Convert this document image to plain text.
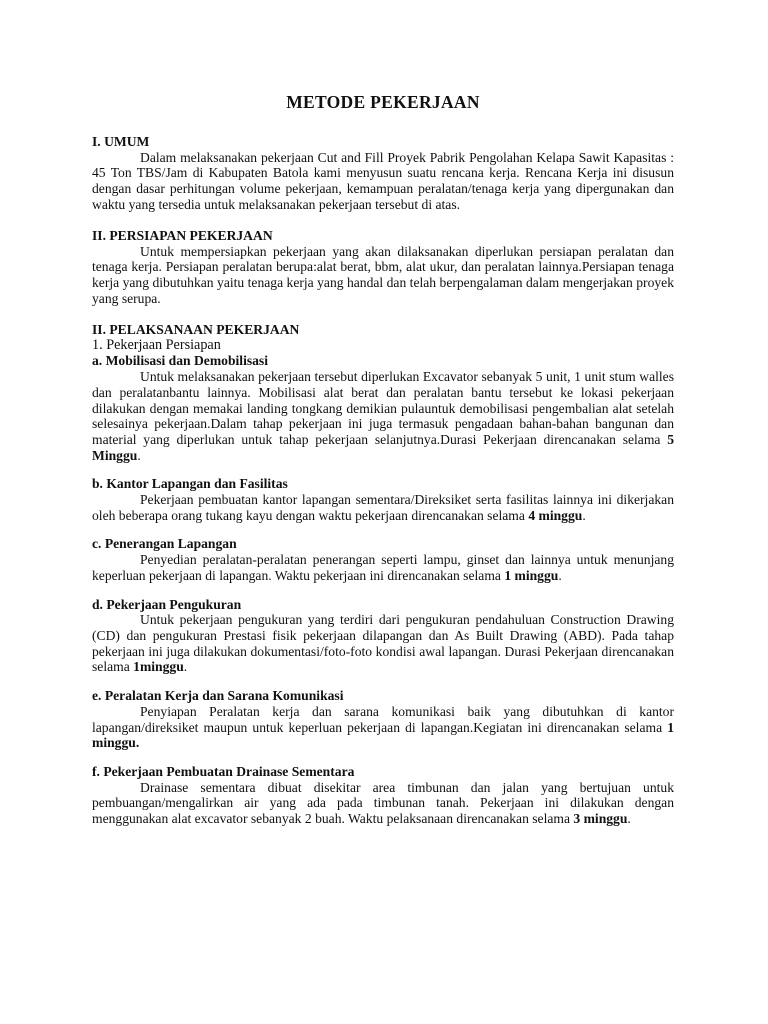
METODE PEKERJAAN
I. UMUM

Dalam melaksanakan pekerjaan Cut and Fill Proyek Pabrik Pengolahan Kelapa Sawit Kapasitas : 45 Ton TBS/Jam di Kabupaten Batola kami menyusun suatu rencana kerja. Rencana Kerja ini disusun dengan dasar perhitungan volume pekerjaan, kemampuan peralatan/tenaga kerja yang dipergunakan dan waktu yang tersedia untuk melaksanakan pekerjaan tersebut di atas.

II. PERSIAPAN PEKERJAAN

Untuk mempersiapkan pekerjaan yang akan dilaksanakan diperlukan persiapan peralatan dan tenaga kerja. Persiapan peralatan berupa:alat berat, bbm, alat ukur, dan peralatan lainnya.Persiapan tenaga kerja yang dibutuhkan yaitu tenaga kerja yang handal dan telah berpengalaman dalam mengerjakan proyek yang serupa.

II. PELAKSANAAN PEKERJAAN
1. Pekerjaan Persiapan
a. Mobilisasi dan Demobilisasi

Untuk melaksanakan pekerjaan tersebut diperlukan Excavator sebanyak 5 unit, 1 unit stum walles dan peralatanbantu lainnya. Mobilisasi alat berat dan peralatan bantu tersebut ke lokasi pekerjaan dilakukan dengan memakai landing tongkang demikian pulauntuk demobilisasi pengembalian alat setelah selesainya pekerjaan.Dalam tahap pekerjaan ini juga termasuk pengadaan bahan-bahan bangunan dan material yang diperlukan untuk tahap pekerjaan selanjutnya.Durasi Pekerjaan direncanakan selama 5 Minggu.

b. Kantor Lapangan dan Fasilitas

Pekerjaan pembuatan kantor lapangan sementara/Direksiket serta fasilitas lainnya ini dikerjakan oleh beberapa orang tukang kayu dengan waktu pekerjaan direncanakan selama 4 minggu.

c. Penerangan Lapangan

Penyedian peralatan-peralatan penerangan seperti lampu, ginset dan lainnya untuk menunjang keperluan pekerjaan di lapangan. Waktu pekerjaan ini direncanakan selama 1 minggu.

d. Pekerjaan Pengukuran

Untuk pekerjaan pengukuran yang terdiri dari pengukuran pendahuluan Construction Drawing (CD) dan pengukuran Prestasi fisik pekerjaan dilapangan dan As Built Drawing (ABD). Pada tahap pekerjaan ini juga dilakukan dokumentasi/foto-foto kondisi awal lapangan. Durasi Pekerjaan direncanakan selama 1minggu.

e. Peralatan Kerja dan Sarana Komunikasi

Penyiapan Peralatan kerja dan sarana komunikasi baik yang dibutuhkan di kantor lapangan/direksiket maupun untuk keperluan pekerjaan di lapangan.Kegiatan ini direncanakan selama 1 minggu.

f. Pekerjaan Pembuatan Drainase Sementara

Drainase sementara dibuat disekitar area timbunan dan jalan yang bertujuan untuk pembuangan/mengalirkan air yang ada pada timbunan tanah. Pekerjaan ini dilakukan dengan menggunakan alat excavator sebanyak 2 buah. Waktu pelaksanaan direncanakan selama 3 minggu.
